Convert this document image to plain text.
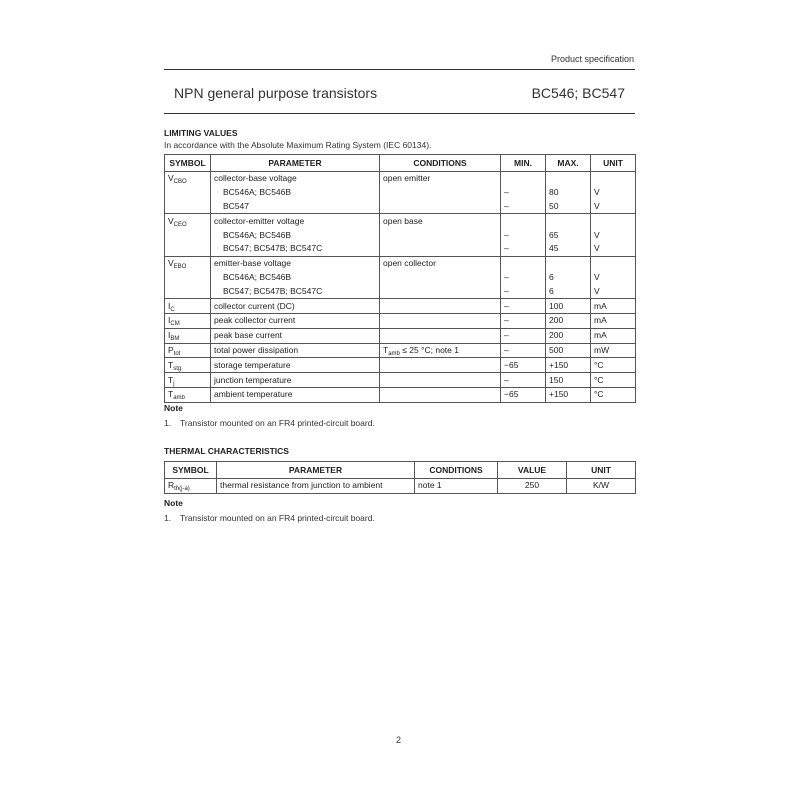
Product specification
NPN general purpose transistors	BC546; BC547
LIMITING VALUES
In accordance with the Absolute Maximum Rating System (IEC 60134).
SYMBOL	PARAMETER	CONDITIONS	MIN.	MAX.	UNIT
$V_{CBO}$	collector-base voltage	open emitter			
	BC546A; BC546B		–	80	V
	BC547		–	50	V
$V_{CEO}$	collector-emitter voltage	open base			
	BC546A; BC546B		–	65	V
	BC547; BC547B; BC547C		–	45	V
$V_{EBO}$	emitter-base voltage	open collector			
	BC546A; BC546B		–	6	V
	BC547; BC547B; BC547C		–	6	V
$I_C$	collector current (DC)		–	100	mA
$I_{CM}$	peak collector current		–	200	mA
$I_{BM}$	peak base current		–	200	mA
$P_{tot}$	total power dissipation	$T_{amb} \le 25$ °C; note 1	–	500	mW
$T_{stg}$	storage temperature		−65	+150	°C
$T_j$	junction temperature		–	150	°C
$T_{amb}$	ambient temperature		−65	+150	°C
Note
1. Transistor mounted on an FR4 printed-circuit board.
THERMAL CHARACTERISTICS
SYMBOL	PARAMETER	CONDITIONS	VALUE	UNIT
$R_{th(j-a)}$	thermal resistance from junction to ambient	note 1	250	K/W
Note
1. Transistor mounted on an FR4 printed-circuit board.
2
